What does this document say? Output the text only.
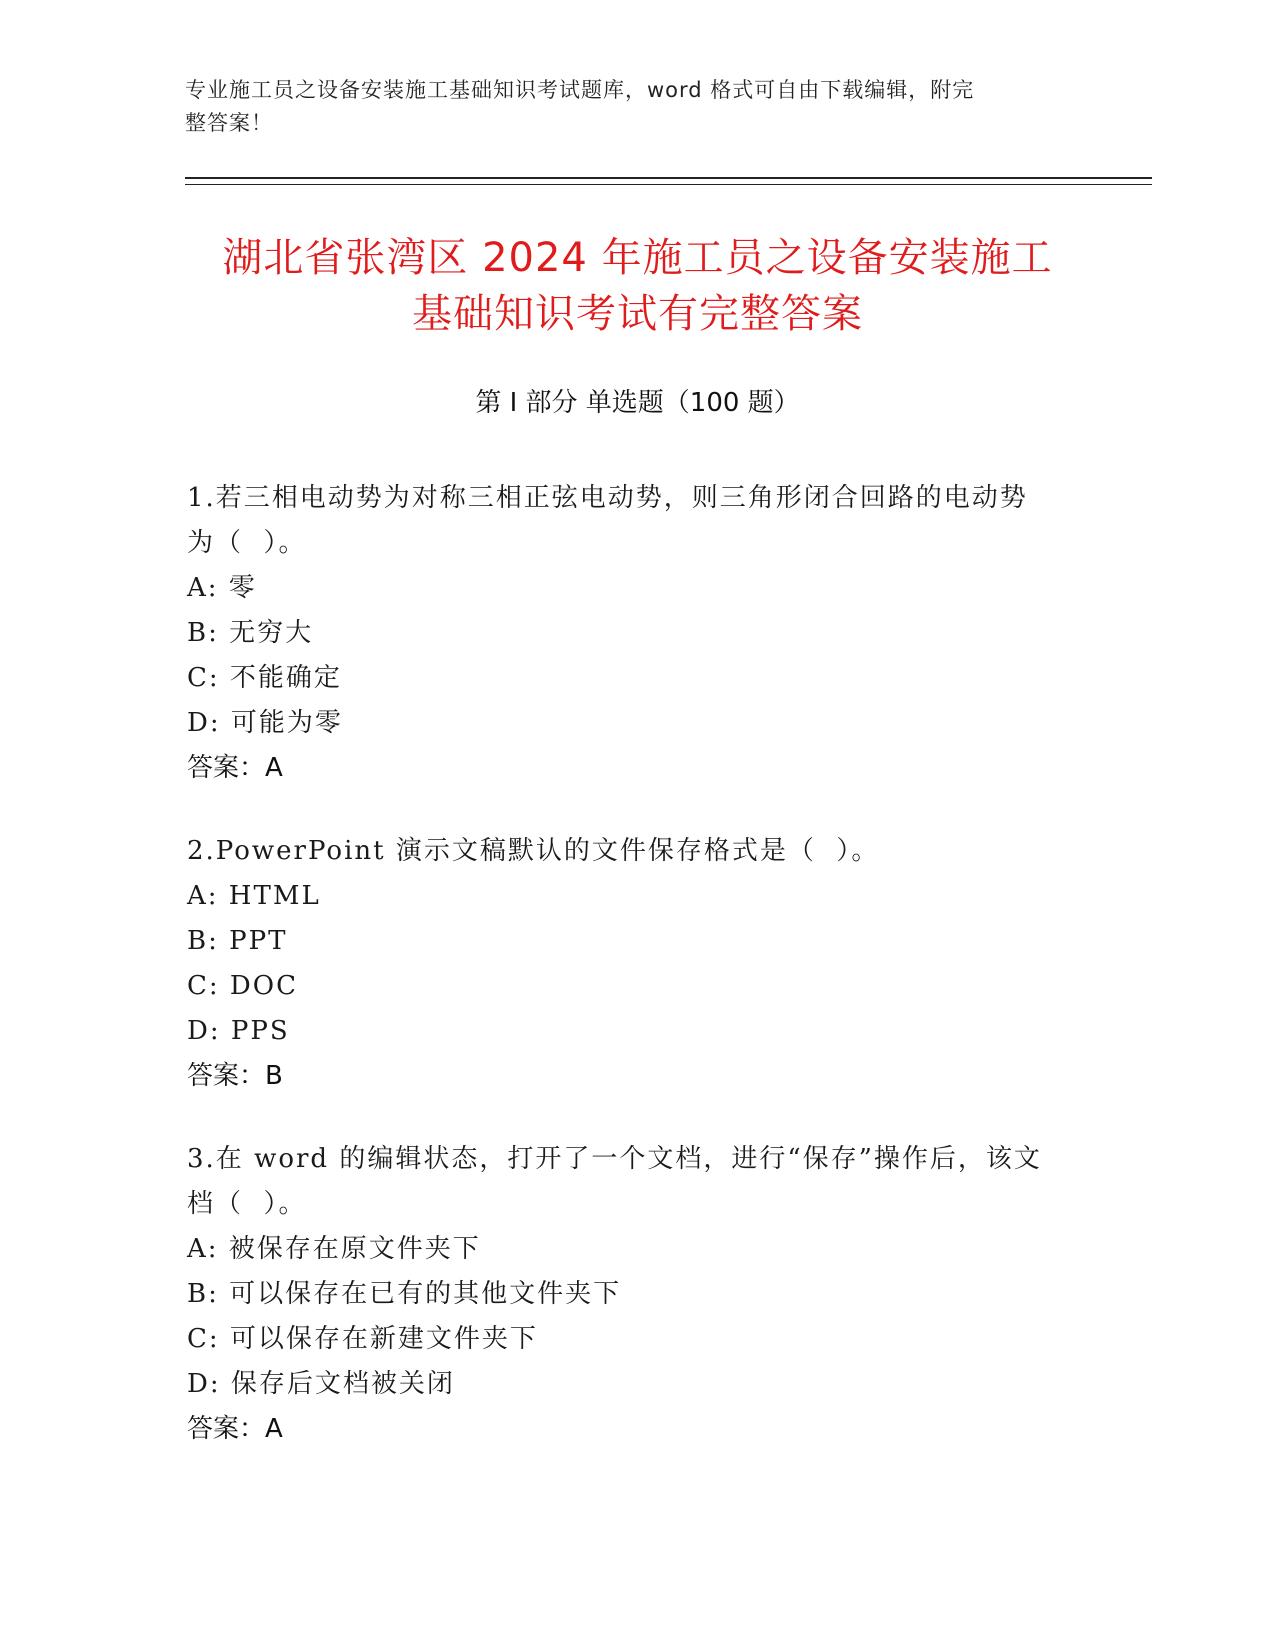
专业施工员之设备安装施工基础知识考试题库，word 格式可自由下载编辑，附完
整答案！
湖北省张湾区 2024 年施工员之设备安装施工
基础知识考试有完整答案
第 I 部分 单选题（100 题）
1.若三相电动势为对称三相正弦电动势，则三角形闭合回路的电动势
为（  ）。
A: 零
B: 无穷大
C: 不能确定
D: 可能为零
答案：A
2.PowerPoint 演示文稿默认的文件保存格式是（  ）。
A: HTML
B: PPT
C: DOC
D: PPS
答案：B
3.在 word 的编辑状态，打开了一个文档，进行“保存”操作后，该文
档（  ）。
A: 被保存在原文件夹下
B: 可以保存在已有的其他文件夹下
C: 可以保存在新建文件夹下
D: 保存后文档被关闭
答案：A
